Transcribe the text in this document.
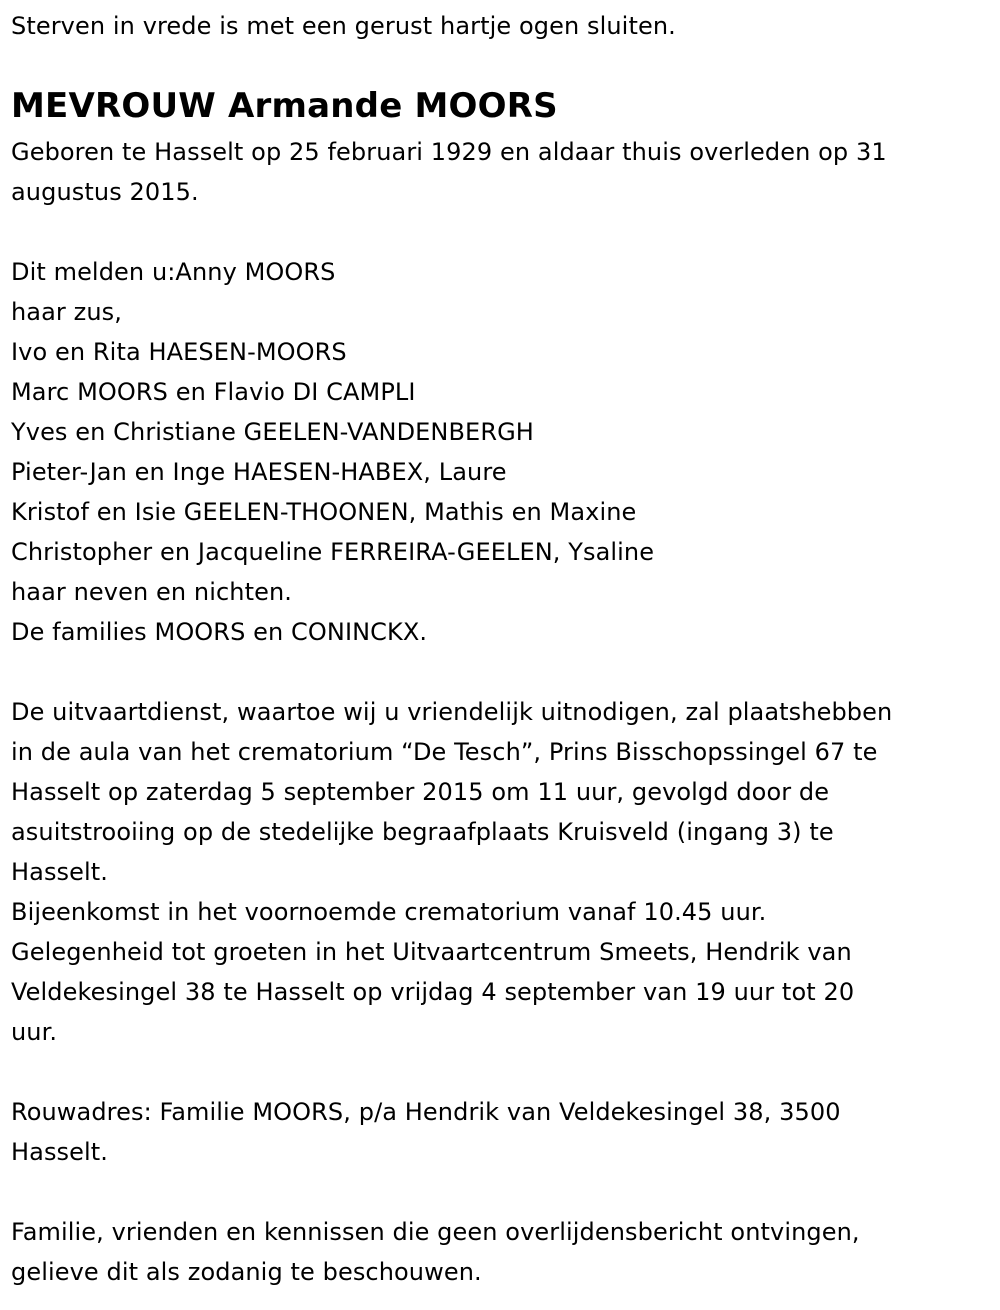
Sterven in vrede is met een gerust hartje ogen sluiten.
MEVROUW Armande MOORS
Geboren te Hasselt op 25 februari 1929 en aldaar thuis overleden op 31
augustus 2015.
Dit melden u:Anny MOORS
haar zus,
Ivo en Rita HAESEN-MOORS
Marc MOORS en Flavio DI CAMPLI
Yves en Christiane GEELEN-VANDENBERGH
Pieter-Jan en Inge HAESEN-HABEX, Laure
Kristof en Isie GEELEN-THOONEN, Mathis en Maxine
Christopher en Jacqueline FERREIRA-GEELEN, Ysaline
haar neven en nichten.
De families MOORS en CONINCKX.
De uitvaartdienst, waartoe wij u vriendelijk uitnodigen, zal plaatshebben
in de aula van het crematorium “De Tesch”, Prins Bisschopssingel 67 te
Hasselt op zaterdag 5 september 2015 om 11 uur, gevolgd door de
asuitstrooiing op de stedelijke begraafplaats Kruisveld (ingang 3) te
Hasselt.
Bijeenkomst in het voornoemde crematorium vanaf 10.45 uur.
Gelegenheid tot groeten in het Uitvaartcentrum Smeets, Hendrik van
Veldekesingel 38 te Hasselt op vrijdag 4 september van 19 uur tot 20
uur.
Rouwadres: Familie MOORS, p/a Hendrik van Veldekesingel 38, 3500
Hasselt.
Familie, vrienden en kennissen die geen overlijdensbericht ontvingen,
gelieve dit als zodanig te beschouwen.
